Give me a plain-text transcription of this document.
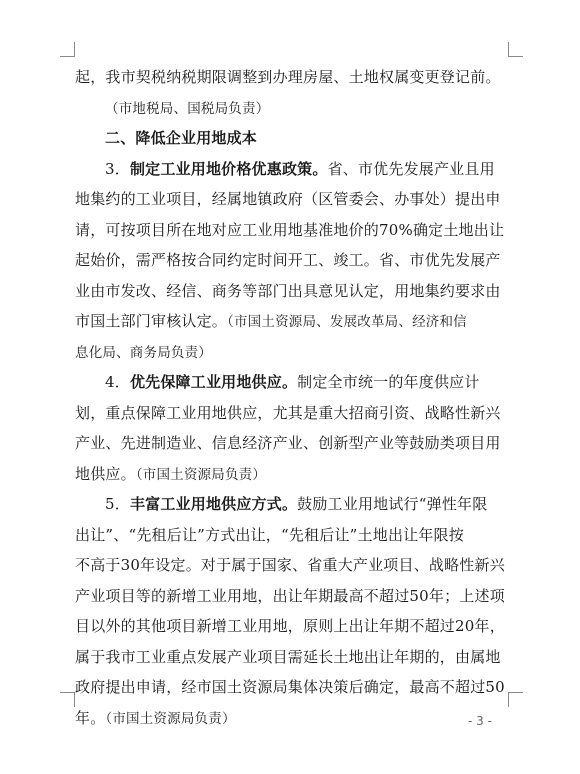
起，我市契税纳税期限调整到办理房屋、土地权属变更登记前。
（市地税局、国税局负责）
二、降低企业用地成本
3．制定工业用地价格优惠政策。省、市优先发展产业且用
地集约的工业项目，经属地镇政府（区管委会、办事处）提出申
请，可按项目所在地对应工业用地基准地价的70%确定土地出让
起始价，需严格按合同约定时间开工、竣工。省、市优先发展产
业由市发改、经信、商务等部门出具意见认定，用地集约要求由
市国土部门审核认定。（市国土资源局、发展改革局、经济和信
息化局、商务局负责）
4．优先保障工业用地供应。制定全市统一的年度供应计
划，重点保障工业用地供应，尤其是重大招商引资、战略性新兴
产业、先进制造业、信息经济产业、创新型产业等鼓励类项目用
地供应。（市国土资源局负责）
5．丰富工业用地供应方式。鼓励工业用地试行“弹性年限
出让”、“先租后让”方式出让，“先租后让”土地出让年限按
不高于30年设定。对于属于国家、省重大产业项目、战略性新兴
产业项目等的新增工业用地，出让年期最高不超过50年；上述项
目以外的其他项目新增工业用地，原则上出让年期不超过20年，
属于我市工业重点发展产业项目需延长土地出让年期的，由属地
政府提出申请，经市国土资源局集体决策后确定，最高不超过50
年。（市国土资源局负责）	- 3 -
